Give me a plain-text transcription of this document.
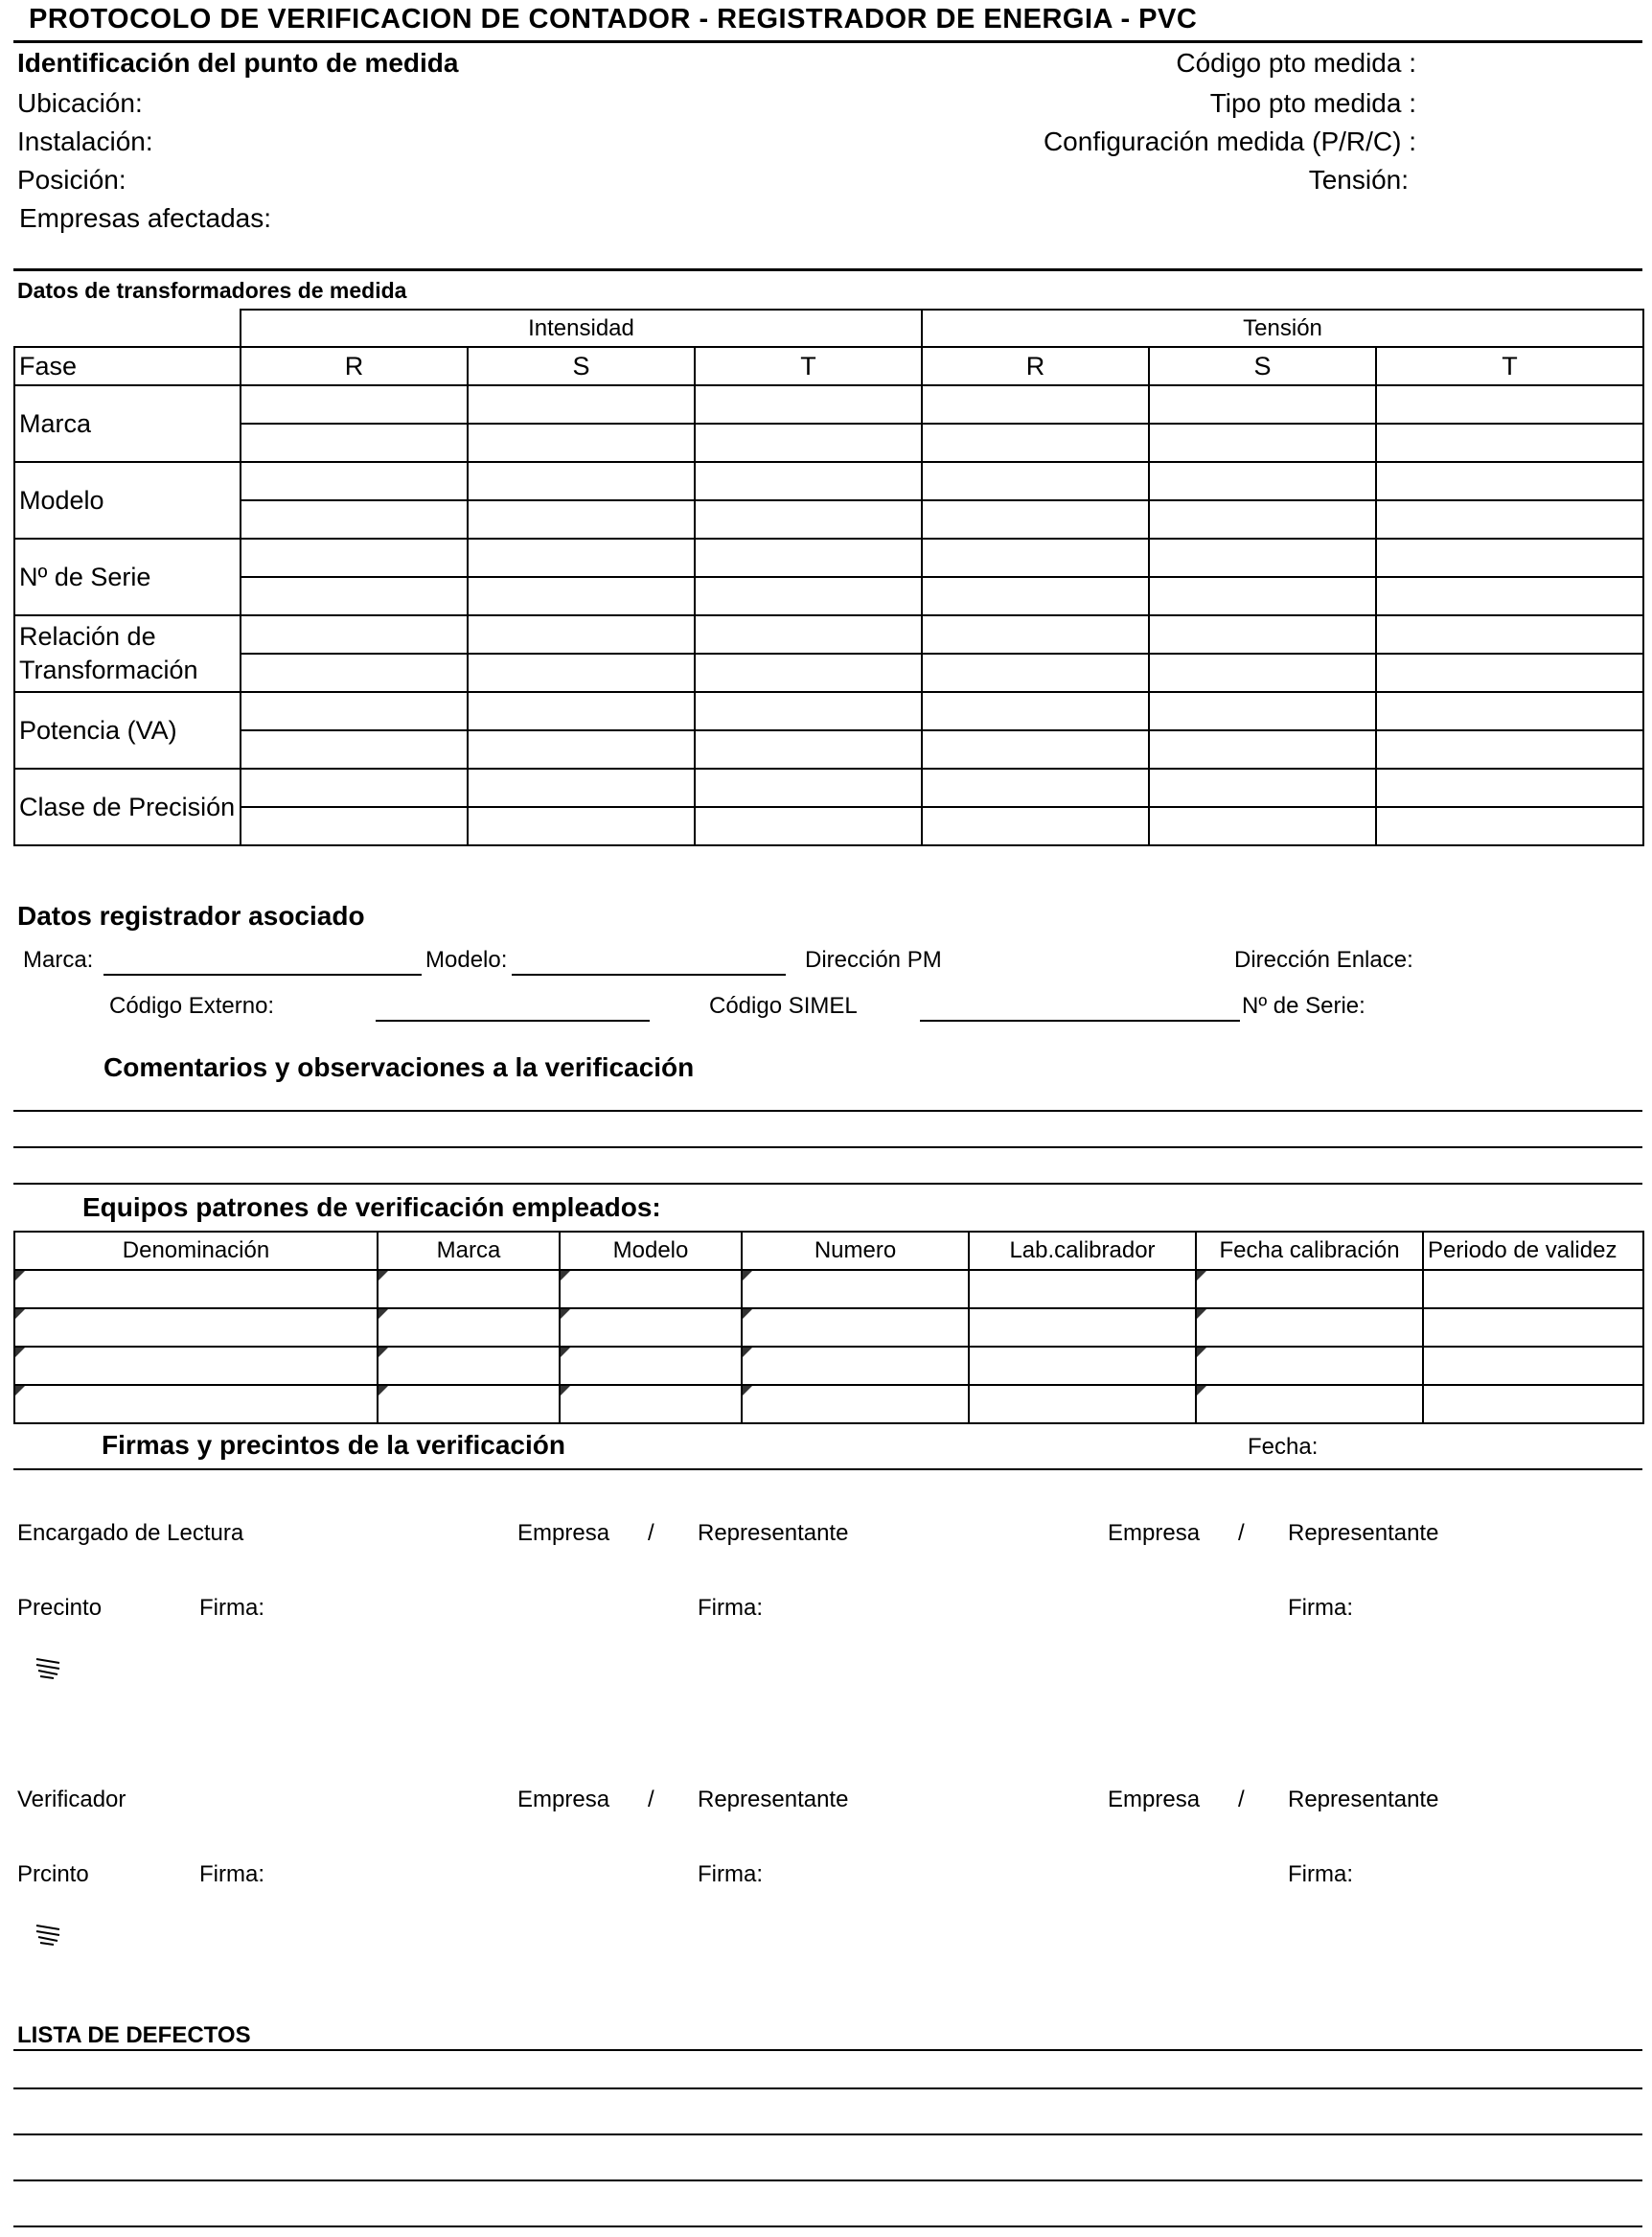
PROTOCOLO DE VERIFICACION DE CONTADOR - REGISTRADOR DE ENERGIA - PVC
Identificación del punto de medida
Ubicación:
Instalación:
Posición:
Empresas afectadas:
Código pto medida :
Tipo pto medida :
Configuración medida (P/R/C) :
Tensión:
Datos de transformadores de medida
	Intensidad			Tensión		
Fase	R	S	T	R	S	T
Marca						

Modelo						

Nº de Serie						

Relación de Transformación						

Potencia (VA)						

Clase de Precisión						

Datos registrador asociado
Marca:	Modelo:	Dirección PM	Dirección Enlace:
Código Externo:	Código SIMEL	Nº de Serie:
Comentarios y observaciones a la verificación
Equipos patrones de verificación empleados:
Denominación	Marca	Modelo	Numero	Lab.calibrador	Fecha calibración	Periodo de validez

Firmas y precintos de la verificación	Fecha:
Encargado de Lectura	Empresa / Representante	Empresa / Representante
Precinto	Firma:	Firma:	Firma:
Verificador	Empresa / Representante	Empresa / Representante
Prcinto	Firma:	Firma:	Firma:
LISTA DE DEFECTOS
